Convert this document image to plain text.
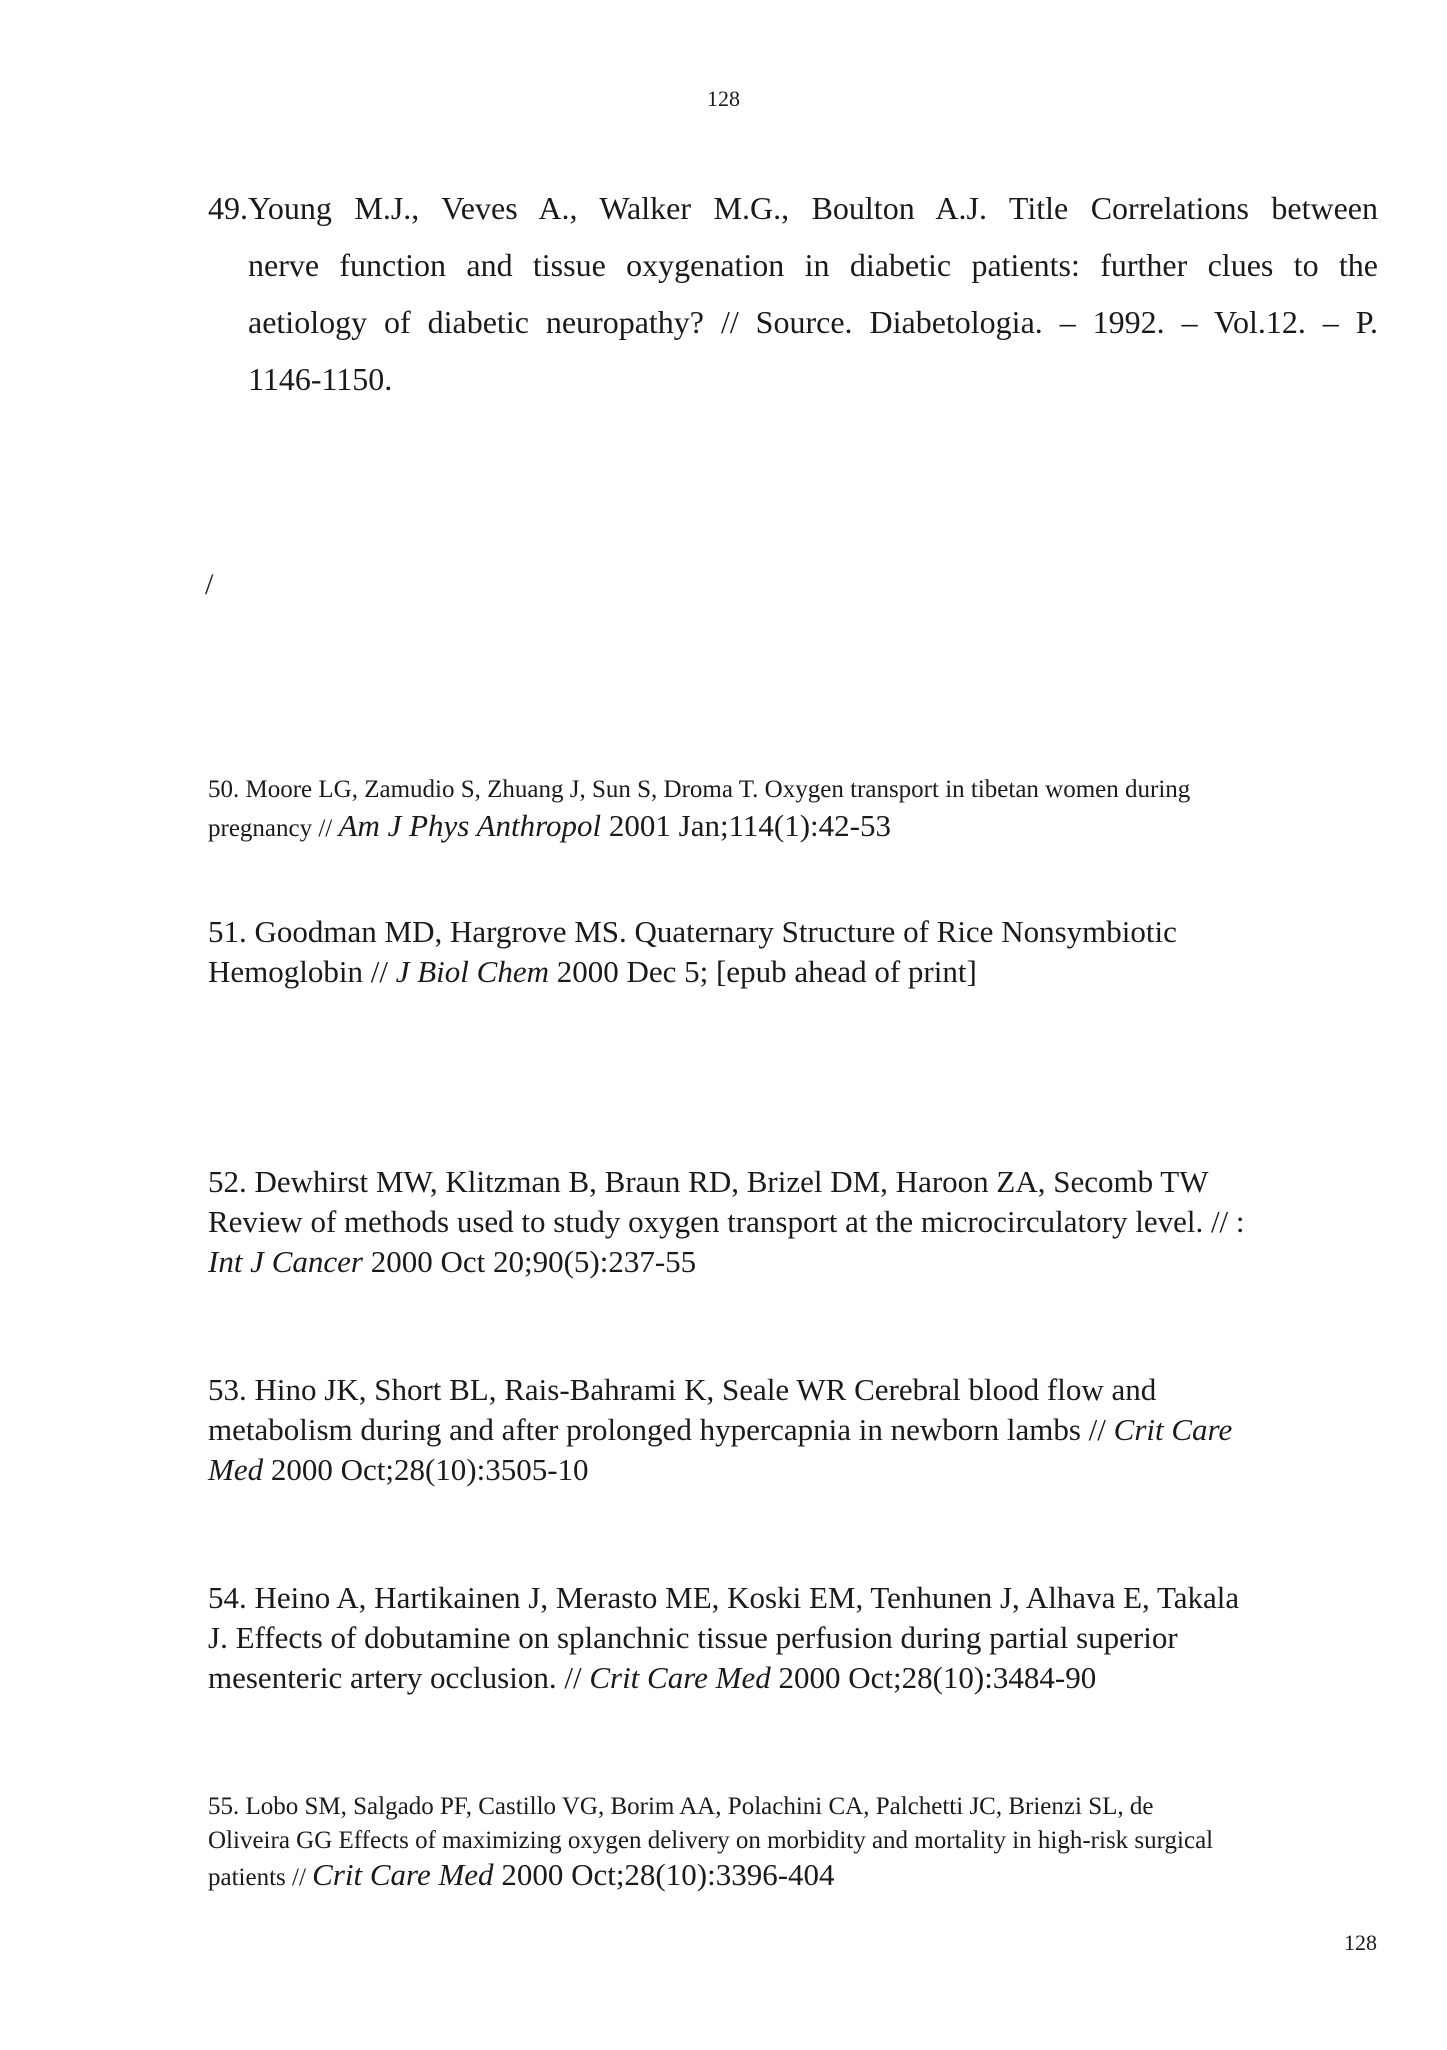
128
49. Young M.J., Veves A., Walker M.G., Boulton A.J. Title Correlations between
nerve function and tissue oxygenation in diabetic patients: further clues to the
aetiology of diabetic neuropathy? // Source. Diabetologia. – 1992. – Vol.12. – P.
1146-1150.
/
50. Moore LG, Zamudio S, Zhuang J, Sun S, Droma T. Oxygen transport in tibetan women during
pregnancy // Am J Phys Anthropol 2001 Jan;114(1):42-53
51. Goodman MD, Hargrove MS. Quaternary Structure of Rice Nonsymbiotic
Hemoglobin // J Biol Chem 2000 Dec 5; [epub ahead of print]
52. Dewhirst MW, Klitzman B, Braun RD, Brizel DM, Haroon ZA, Secomb TW
Review of methods used to study oxygen transport at the microcirculatory level. // :
Int J Cancer 2000 Oct 20;90(5):237-55
53. Hino JK, Short BL, Rais-Bahrami K, Seale WR Cerebral blood flow and
metabolism during and after prolonged hypercapnia in newborn lambs // Crit Care
Med 2000 Oct;28(10):3505-10
54. Heino A, Hartikainen J, Merasto ME, Koski EM, Tenhunen J, Alhava E, Takala
J. Effects of dobutamine on splanchnic tissue perfusion during partial superior
mesenteric artery occlusion. // Crit Care Med 2000 Oct;28(10):3484-90
55. Lobo SM, Salgado PF, Castillo VG, Borim AA, Polachini CA, Palchetti JC, Brienzi SL, de
Oliveira GG Effects of maximizing oxygen delivery on morbidity and mortality in high-risk surgical
patients // Crit Care Med 2000 Oct;28(10):3396-404
128
